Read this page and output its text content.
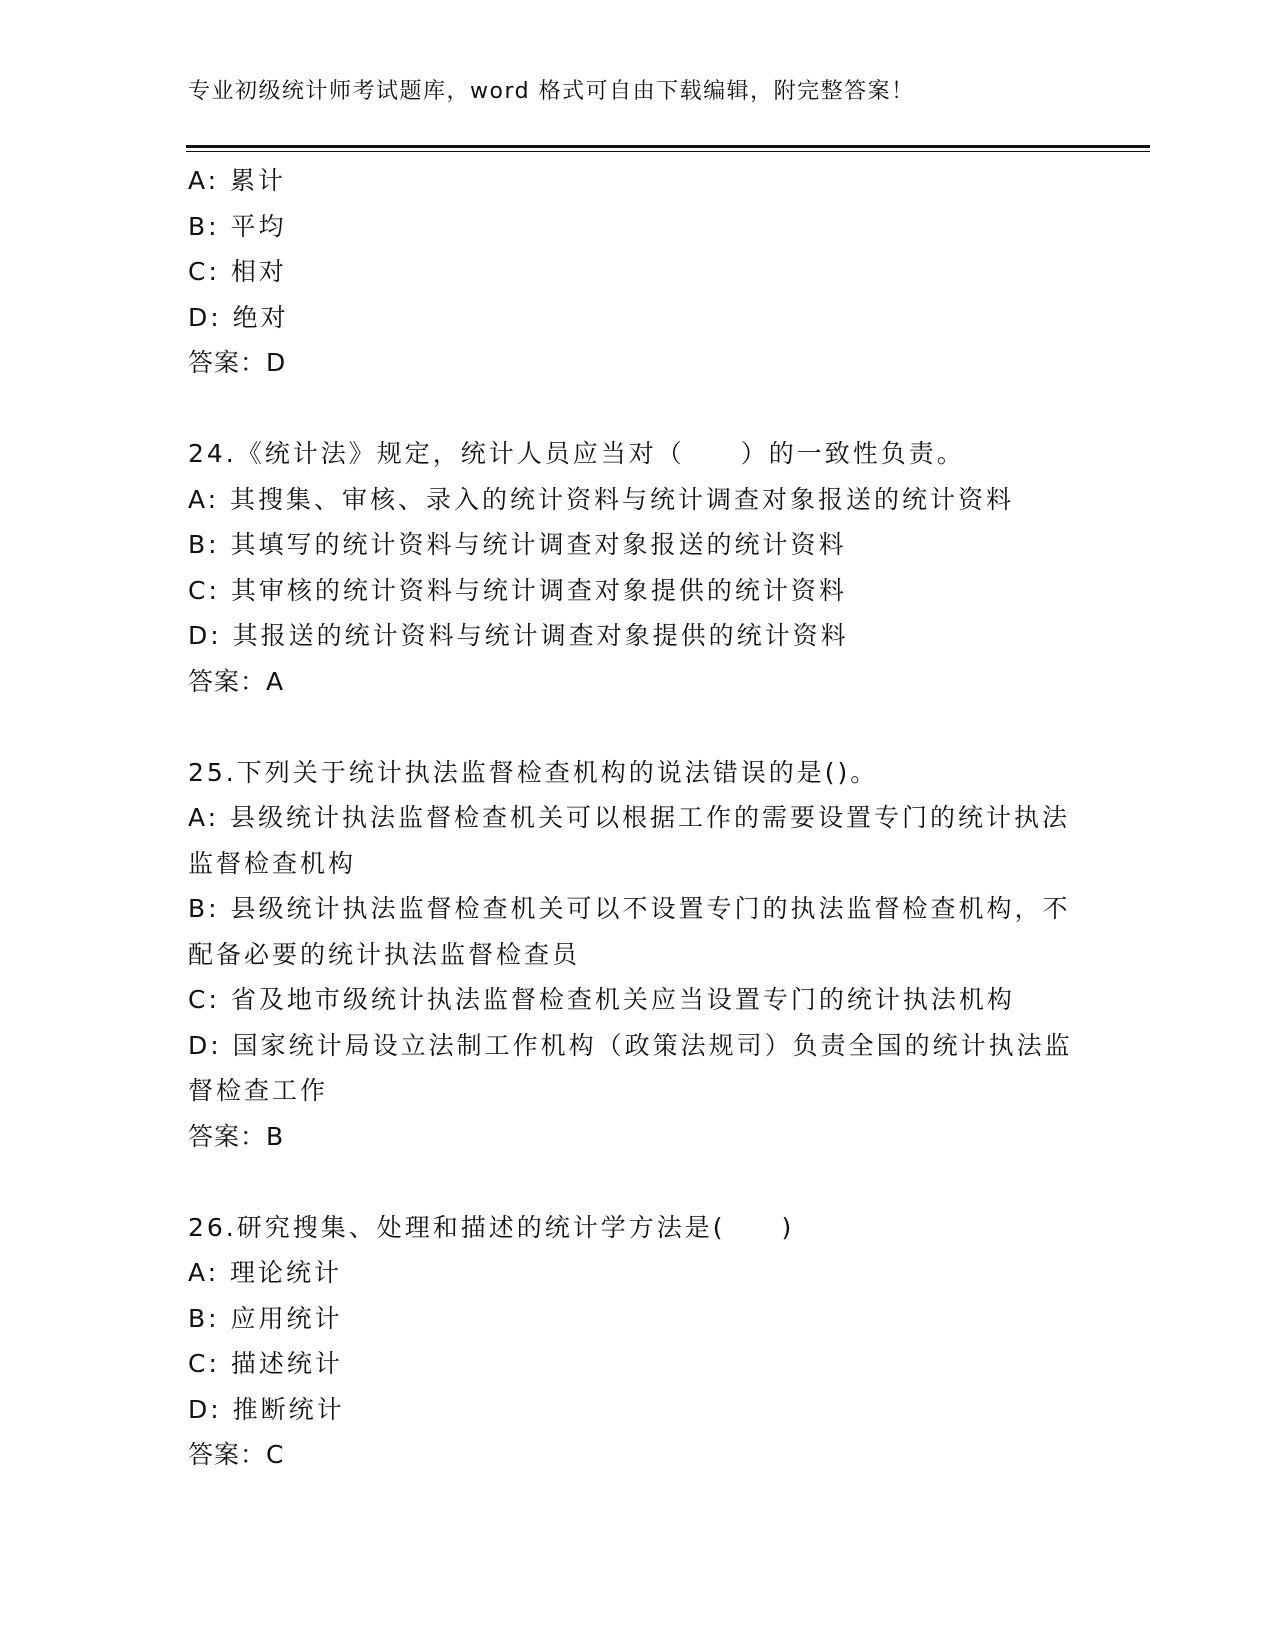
专业初级统计师考试题库，word 格式可自由下载编辑，附完整答案！
A: 累计
B: 平均
C: 相对
D: 绝对
答案：D
24.《统计法》规定，统计人员应当对（　　）的一致性负责。
A: 其搜集、审核、录入的统计资料与统计调查对象报送的统计资料
B: 其填写的统计资料与统计调查对象报送的统计资料
C: 其审核的统计资料与统计调查对象提供的统计资料
D: 其报送的统计资料与统计调查对象提供的统计资料
答案：A
25.下列关于统计执法监督检查机构的说法错误的是()。
A: 县级统计执法监督检查机关可以根据工作的需要设置专门的统计执法监督检查机构
B: 县级统计执法监督检查机关可以不设置专门的执法监督检查机构，不配备必要的统计执法监督检查员
C: 省及地市级统计执法监督检查机关应当设置专门的统计执法机构
D: 国家统计局设立法制工作机构（政策法规司）负责全国的统计执法监督检查工作
答案：B
26.研究搜集、处理和描述的统计学方法是(　　)
A: 理论统计
B: 应用统计
C: 描述统计
D: 推断统计
答案：C
